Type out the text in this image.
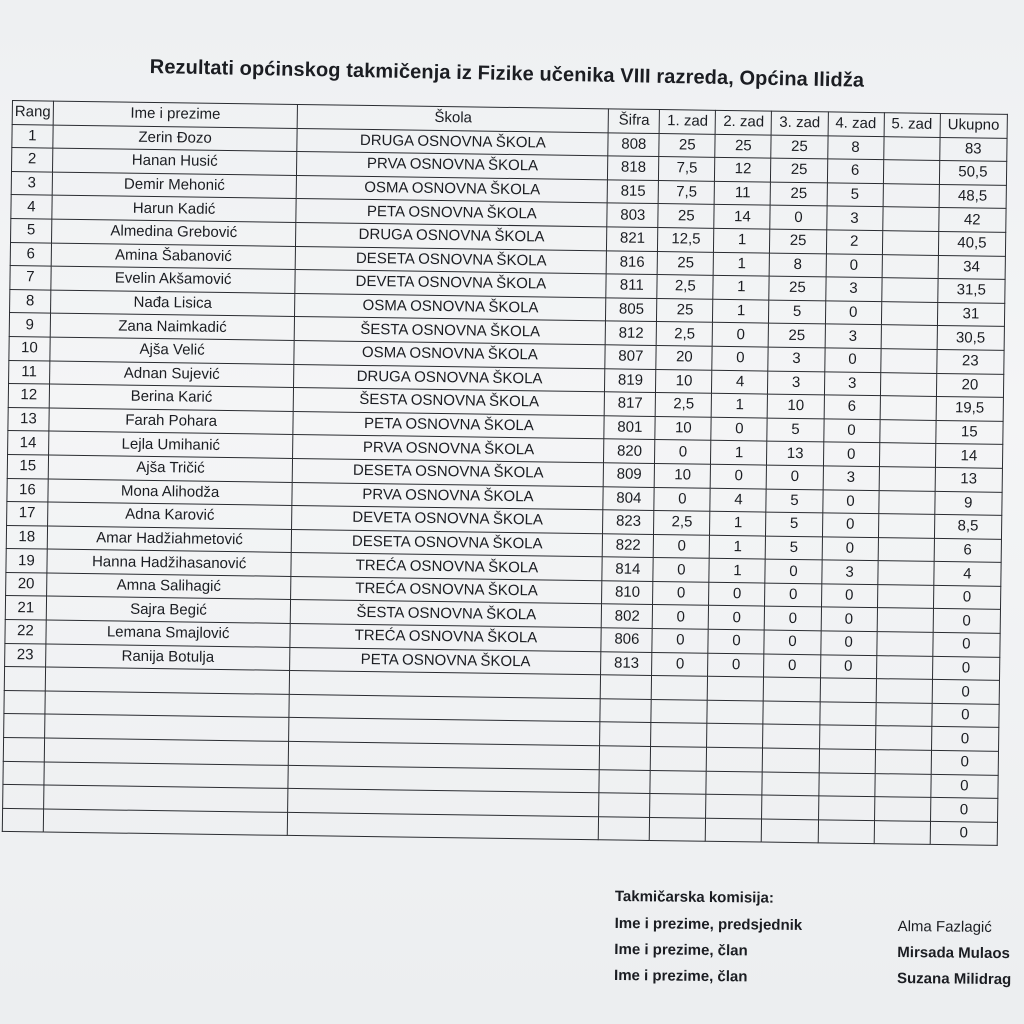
Rezultati općinskog takmičenja iz Fizike učenika VIII razreda, Općina Ilidža
Rang	Ime i prezime	Škola	Šifra	1. zad	2. zad	3. zad	4. zad	5. zad	Ukupno
1	Zerin Đozo	DRUGA OSNOVNA ŠKOLA	808	25	25	25	8		83
2	Hanan Husić	PRVA OSNOVNA ŠKOLA	818	7,5	12	25	6		50,5
3	Demir Mehonić	OSMA OSNOVNA ŠKOLA	815	7,5	11	25	5		48,5
4	Harun Kadić	PETA OSNOVNA ŠKOLA	803	25	14	0	3		42
5	Almedina Grebović	DRUGA OSNOVNA ŠKOLA	821	12,5	1	25	2		40,5
6	Amina Šabanović	DESETA OSNOVNA ŠKOLA	816	25	1	8	0		34
7	Evelin Akšamović	DEVETA OSNOVNA ŠKOLA	811	2,5	1	25	3		31,5
8	Nađa Lisica	OSMA OSNOVNA ŠKOLA	805	25	1	5	0		31
9	Zana Naimkadić	ŠESTA OSNOVNA ŠKOLA	812	2,5	0	25	3		30,5
10	Ajša Velić	OSMA OSNOVNA ŠKOLA	807	20	0	3	0		23
11	Adnan Sujević	DRUGA OSNOVNA ŠKOLA	819	10	4	3	3		20
12	Berina Karić	ŠESTA OSNOVNA ŠKOLA	817	2,5	1	10	6		19,5
13	Farah Pohara	PETA OSNOVNA ŠKOLA	801	10	0	5	0		15
14	Lejla Umihanić	PRVA OSNOVNA ŠKOLA	820	0	1	13	0		14
15	Ajša Tričić	DESETA OSNOVNA ŠKOLA	809	10	0	0	3		13
16	Mona Alihodža	PRVA OSNOVNA ŠKOLA	804	0	4	5	0		9
17	Adna Karović	DEVETA OSNOVNA ŠKOLA	823	2,5	1	5	0		8,5
18	Amar Hadžiahmetović	DESETA OSNOVNA ŠKOLA	822	0	1	5	0		6
19	Hanna Hadžihasanović	TREĆA OSNOVNA ŠKOLA	814	0	1	0	3		4
20	Amna Salihagić	TREĆA OSNOVNA ŠKOLA	810	0	0	0	0		0
21	Sajra Begić	ŠESTA OSNOVNA ŠKOLA	802	0	0	0	0		0
22	Lemana Smajlović	TREĆA OSNOVNA ŠKOLA	806	0	0	0	0		0
23	Ranija Botulja	PETA OSNOVNA ŠKOLA	813	0	0	0	0		0
									0
									0
									0
									0
									0
									0
									0
Takmičarska komisija:
Ime i prezime, predsjednik	Alma Fazlagić
Ime i prezime, član	Mirsada Mulaos
Ime i prezime, član	Suzana Milidrag
